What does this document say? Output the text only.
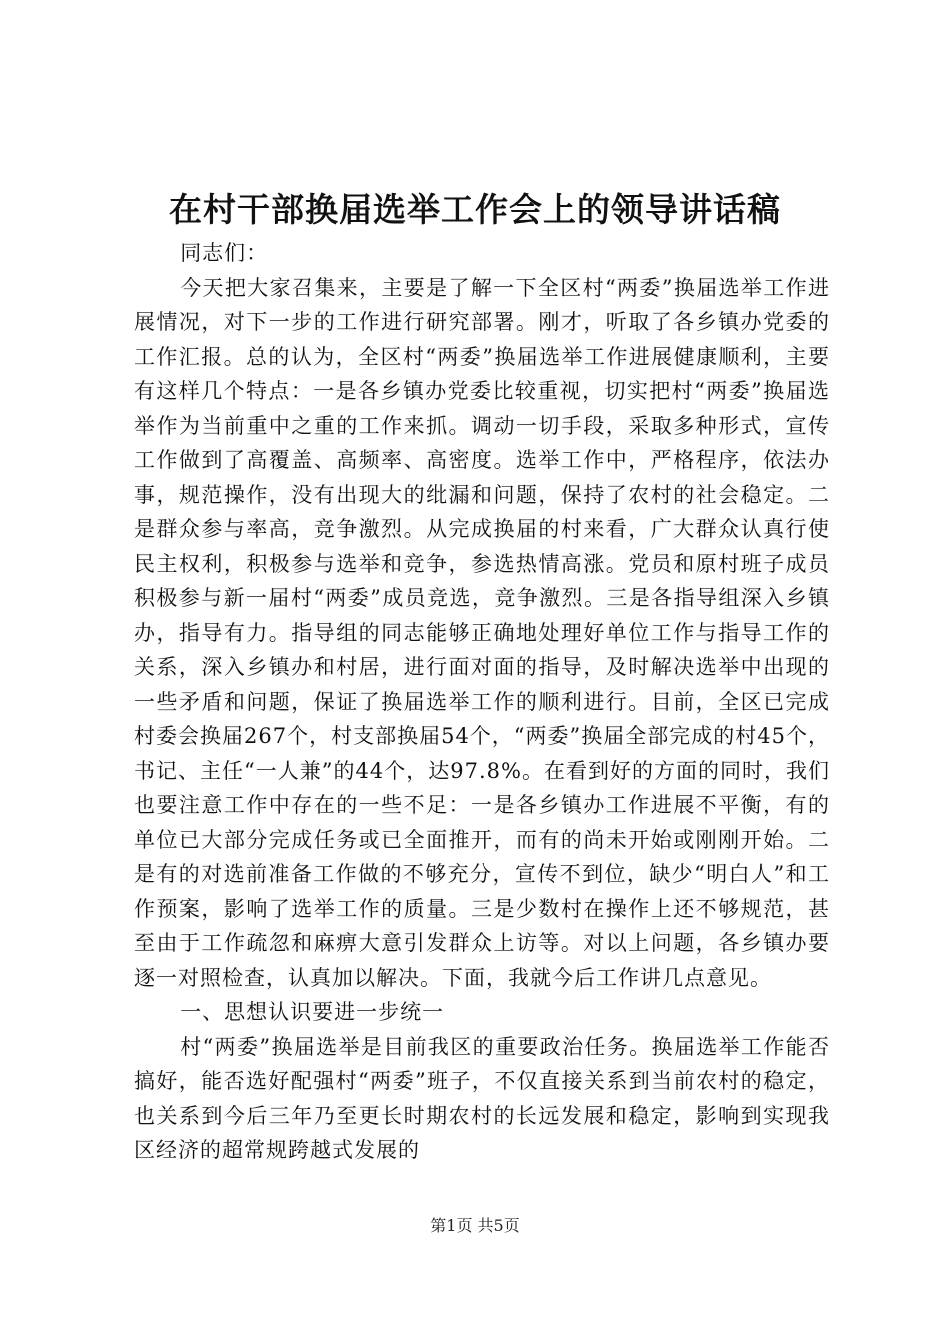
在村干部换届选举工作会上的领导讲话稿

同志们：

今天把大家召集来，主要是了解一下全区村“两委”换届选举工作进展情况，对下一步的工作进行研究部署。刚才，听取了各乡镇办党委的工作汇报。总的认为，全区村“两委”换届选举工作进展健康顺利，主要有这样几个特点：一是各乡镇办党委比较重视，切实把村“两委”换届选举作为当前重中之重的工作来抓。调动一切手段，采取多种形式，宣传工作做到了高覆盖、高频率、高密度。选举工作中，严格程序，依法办事，规范操作，没有出现大的纰漏和问题，保持了农村的社会稳定。二是群众参与率高，竞争激烈。从完成换届的村来看，广大群众认真行使民主权利，积极参与选举和竞争，参选热情高涨。党员和原村班子成员积极参与新一届村“两委”成员竞选，竞争激烈。三是各指导组深入乡镇办，指导有力。指导组的同志能够正确地处理好单位工作与指导工作的关系，深入乡镇办和村居，进行面对面的指导，及时解决选举中出现的一些矛盾和问题，保证了换届选举工作的顺利进行。目前，全区已完成村委会换届267个，村支部换届54个，“两委”换届全部完成的村45个，书记、主任“一人兼”的44个，达97.8%。在看到好的方面的同时，我们也要注意工作中存在的一些不足：一是各乡镇办工作进展不平衡，有的单位已大部分完成任务或已全面推开，而有的尚未开始或刚刚开始。二是有的对选前准备工作做的不够充分，宣传不到位，缺少“明白人”和工作预案，影响了选举工作的质量。三是少数村在操作上还不够规范，甚至由于工作疏忽和麻痹大意引发群众上访等。对以上问题，各乡镇办要逐一对照检查，认真加以解决。下面，我就今后工作讲几点意见。

一、思想认识要进一步统一

村“两委”换届选举是目前我区的重要政治任务。换届选举工作能否搞好，能否选好配强村“两委”班子，不仅直接关系到当前农村的稳定，也关系到今后三年乃至更长时期农村的长远发展和稳定，影响到实现我区经济的超常规跨越式发展的

第1页 共5页
